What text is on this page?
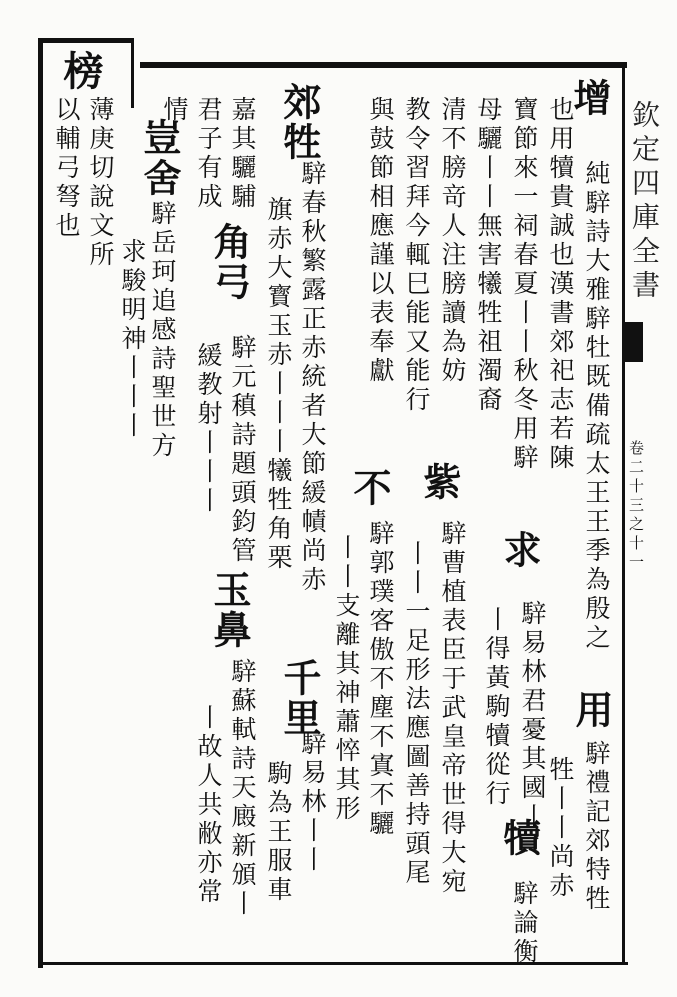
欽定四庫全書
卷二十三之十一
榜
薄庚切說文所
以輔弓弩也	增
用
紫
求
犢
不
千里
郊牲
玉鼻
角弓
豈舍
純騂詩大雅騂牡既備疏太王王季為殷之
也用犢貴誠也漢書郊祀志若陳
寶節來一祠春夏丨丨秋冬用騂
母驪丨丨無害犧牲祖濁裔
清不膀竒人注膀讀為妨
教令習拜今輒巳能又能行
與鼓節相應謹以表奉獻
騂春秋繁露正赤統者大節緩幘尚赤
旗赤大寳玉赤丨丨丨犧牲角栗
嘉其驪䮒
君子有成
情
騂岳珂追感詩聖世方
求駿明神丨丨丨
騂易林君憂其國丨
丨得黃駒犢從行
騂論衡
騂禮記郊特牲
牲丨丨尚赤
騂曹植表臣于武皇帝世得大宛
丨丨一足形法應圖善持頭尾
騂郭璞客傲不塵不寘不驪
丨丨支離其神蕭悴其形
騂易林丨丨
駒為王服車
騂蘇軾詩天廄新頒丨
丨故人共敝亦常
騂元稹詩題頭鈞管
緩教射丨丨丨
